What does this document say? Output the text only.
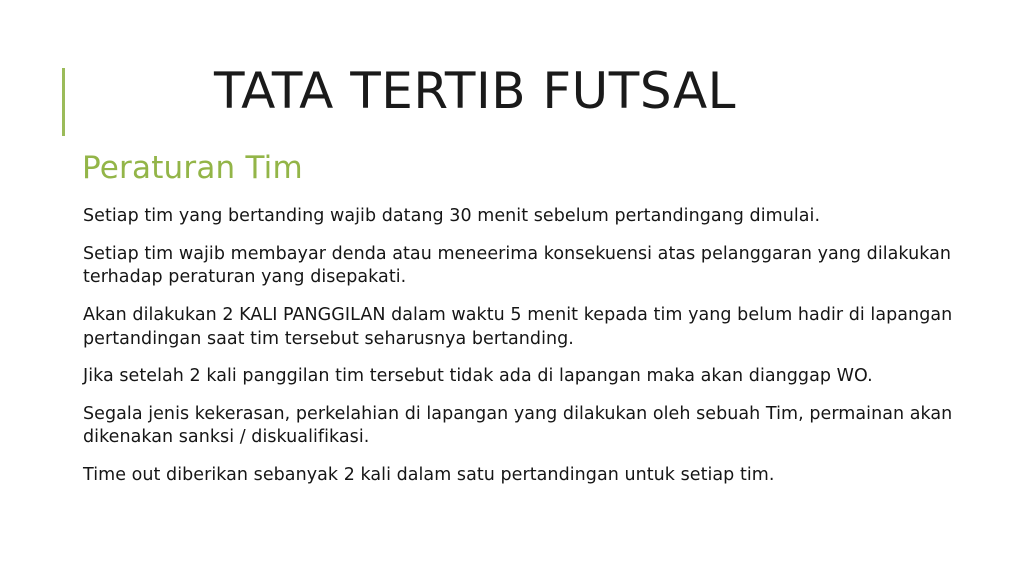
TATA TERTIB FUTSAL
Peraturan Tim

Setiap tim yang bertanding wajib datang 30 menit sebelum pertandingang dimulai.

Setiap tim wajib membayar denda atau meneerima konsekuensi atas pelanggaran yang dilakukan terhadap peraturan yang disepakati.

Akan dilakukan 2 KALI PANGGILAN dalam waktu 5 menit kepada tim yang belum hadir di lapangan pertandingan saat tim tersebut seharusnya bertanding.

Jika setelah 2 kali panggilan tim tersebut tidak ada di lapangan maka akan dianggap WO.

Segala jenis kekerasan, perkelahian di lapangan yang dilakukan oleh sebuah Tim, permainan akan dikenakan sanksi / diskualifikasi.

Time out diberikan sebanyak 2 kali dalam satu pertandingan untuk setiap tim.
